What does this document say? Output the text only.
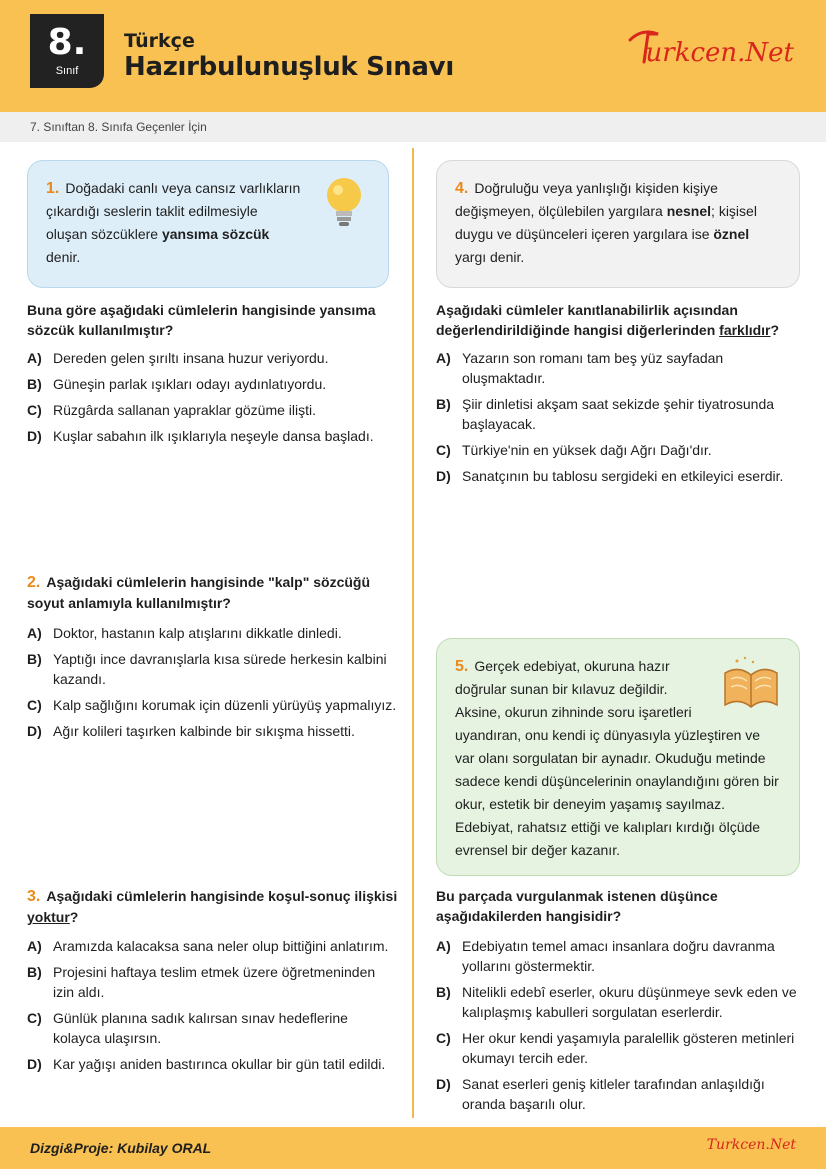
8.
Sınıf
Türkçe
Hazırbulunuşluk Sınavı	urkcen.Net
7. Sınıftan 8. Sınıfa Geçenler İçin
1. Doğadaki canlı veya cansız varlıkların çıkardığı seslerin taklit edilmesiyle oluşan sözcüklere yansıma sözcük denir.
Buna göre aşağıdaki cümlelerin hangisinde yansıma sözcük kullanılmıştır?
A) Dereden gelen şırıltı insana huzur veriyordu.
B) Güneşin parlak ışıkları odayı aydınlatıyordu.
C) Rüzgârda sallanan yapraklar gözüme ilişti.
D) Kuşlar sabahın ilk ışıklarıyla neşeyle dansa başladı.
2. Aşağıdaki cümlelerin hangisinde "kalp" sözcüğü soyut anlamıyla kullanılmıştır?
A) Doktor, hastanın kalp atışlarını dikkatle dinledi.
B) Yaptığı ince davranışlarla kısa sürede herkesin kalbini kazandı.
C) Kalp sağlığını korumak için düzenli yürüyüş yapmalıyız.
D) Ağır kolileri taşırken kalbinde bir sıkışma hissetti.
3. Aşağıdaki cümlelerin hangisinde koşul-sonuç ilişkisi yoktur?
A) Aramızda kalacaksa sana neler olup bittiğini anlatırım.
B) Projesini haftaya teslim etmek üzere öğretmeninden izin aldı.
C) Günlük planına sadık kalırsan sınav hedeflerine kolayca ulaşırsın.
D) Kar yağışı aniden bastırınca okullar bir gün tatil edildi.
4. Doğruluğu veya yanlışlığı kişiden kişiye değişmeyen, ölçülebilen yargılara nesnel; kişisel duygu ve düşünceleri içeren yargılara ise öznel yargı denir.
Aşağıdaki cümleler kanıtlanabilirlik açısından değerlendirildiğinde hangisi diğerlerinden farklıdır?
A) Yazarın son romanı tam beş yüz sayfadan oluşmaktadır.
B) Şiir dinletisi akşam saat sekizde şehir tiyatrosunda başlayacak.
C) Türkiye'nin en yüksek dağı Ağrı Dağı'dır.
D) Sanatçının bu tablosu sergideki en etkileyici eserdir.
5. Gerçek edebiyat, okuruna hazır doğrular sunan bir kılavuz değildir. Aksine, okurun zihninde soru işaretleri uyandıran, onu kendi iç dünyasıyla yüzleştiren ve var olanı sorgulatan bir aynadır. Okuduğu metinde sadece kendi düşüncelerinin onaylandığını gören bir okur, estetik bir deneyim yaşamış sayılmaz. Edebiyat, rahatsız ettiği ve kalıpları kırdığı ölçüde evrensel bir değer kazanır.
Bu parçada vurgulanmak istenen düşünce aşağıdakilerden hangisidir?
A) Edebiyatın temel amacı insanlara doğru davranma yollarını göstermektir.
B) Nitelikli edebî eserler, okuru düşünmeye sevk eden ve kalıplaşmış kabulleri sorgulatan eserlerdir.
C) Her okur kendi yaşamıyla paralellik gösteren metinleri okumayı tercih eder.
D) Sanat eserleri geniş kitleler tarafından anlaşıldığı oranda başarılı olur.
Dizgi&Proje: Kubilay ORAL	Turkcen.Net
